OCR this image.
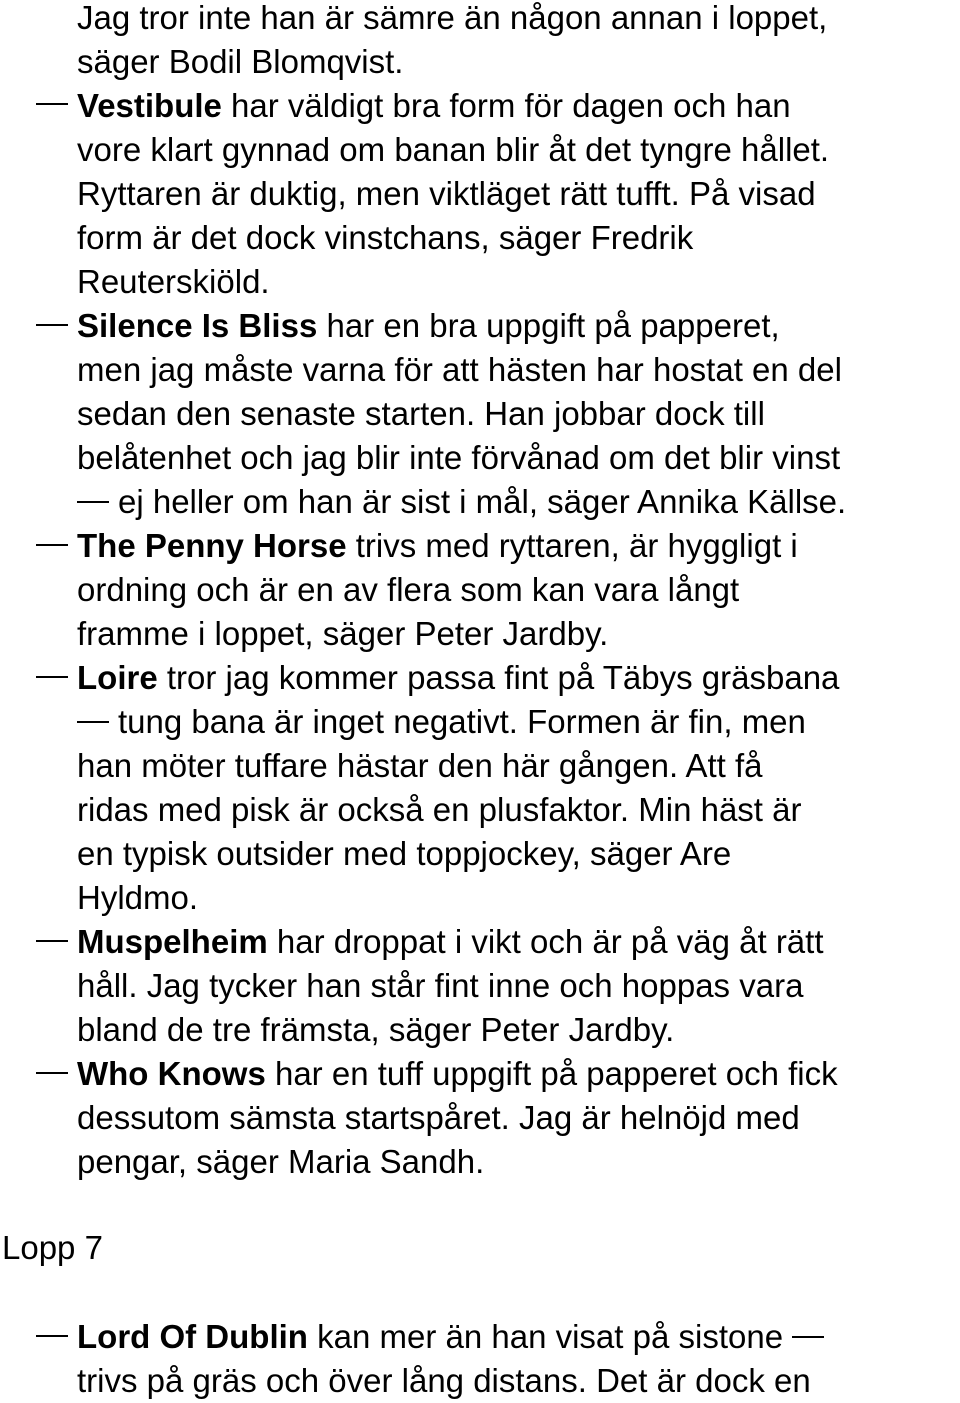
Jag tror inte han är sämre än någon annan i loppet,
säger Bodil Blomqvist.
Vestibule har väldigt bra form för dagen och han
vore klart gynnad om banan blir åt det tyngre hållet.
Ryttaren är duktig, men viktläget rätt tufft. På visad
form är det dock vinstchans, säger Fredrik
Reuterskiöld.
Silence Is Bliss har en bra uppgift på papperet,
men jag måste varna för att hästen har hostat en del
sedan den senaste starten. Han jobbar dock till
belåtenhet och jag blir inte förvånad om det blir vinst
ej heller om han är sist i mål, säger Annika Källse.
The Penny Horse trivs med ryttaren, är hyggligt i
ordning och är en av flera som kan vara långt
framme i loppet, säger Peter Jardby.
Loire tror jag kommer passa fint på Täbys gräsbana
tung bana är inget negativt. Formen är fin, men
han möter tuffare hästar den här gången. Att få
ridas med pisk är också en plusfaktor. Min häst är
en typisk outsider med toppjockey, säger Are
Hyldmo.
Muspelheim har droppat i vikt och är på väg åt rätt
håll. Jag tycker han står fint inne och hoppas vara
bland de tre främsta, säger Peter Jardby.
Who Knows har en tuff uppgift på papperet och fick
dessutom sämsta startspåret. Jag är helnöjd med
pengar, säger Maria Sandh.
Lopp 7
Lord Of Dublin kan mer än han visat på sistone
trivs på gräs och över lång distans. Det är dock en
